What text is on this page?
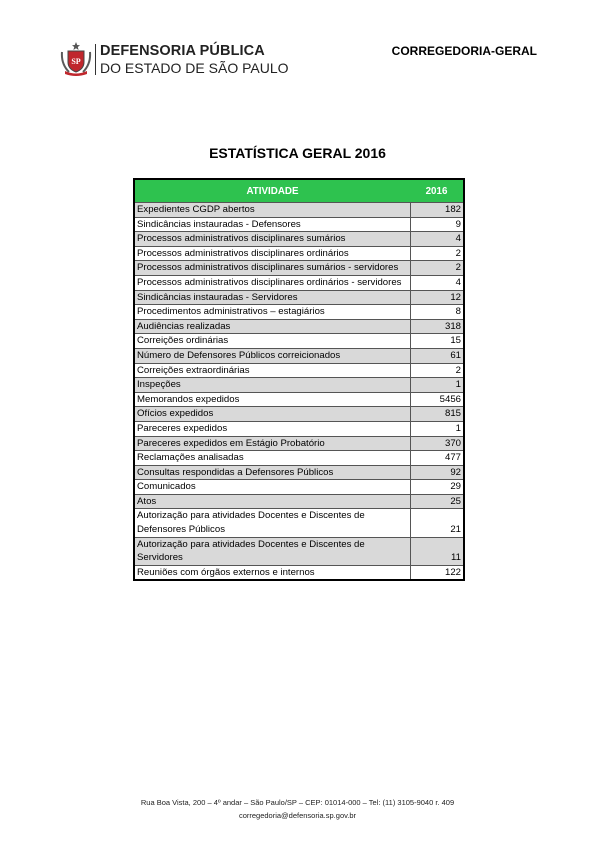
SP
DEFENSORIA PÚBLICA
DO ESTADO DE SÃO PAULO
CORREGEDORIA-GERAL
ESTATÍSTICA GERAL 2016
ATIVIDADE	2016
Expedientes CGDP abertos	182
Sindicâncias instauradas - Defensores	9
Processos administrativos disciplinares sumários	4
Processos administrativos disciplinares ordinários	2
Processos administrativos disciplinares sumários - servidores	2
Processos administrativos disciplinares ordinários - servidores	4
Sindicâncias instauradas - Servidores	12
Procedimentos administrativos – estagiários	8
Audiências realizadas	318
Correições ordinárias	15
Número de Defensores Públicos correicionados	61
Correições extraordinárias	2
Inspeções	1
Memorandos expedidos	5456
Ofícios expedidos	815
Pareceres expedidos	1
Pareceres expedidos em Estágio Probatório	370
Reclamações analisadas	477
Consultas respondidas a Defensores Públicos	92
Comunicados	29
Atos	25
Autorização para atividades Docentes e Discentes de Defensores Públicos	21
Autorização para atividades Docentes e Discentes de Servidores	11
Reuniões com órgãos externos e internos	122
Rua Boa Vista, 200 – 4º andar – São Paulo/SP – CEP: 01014-000 – Tel: (11) 3105-9040 r. 409
corregedoria@defensoria.sp.gov.br
